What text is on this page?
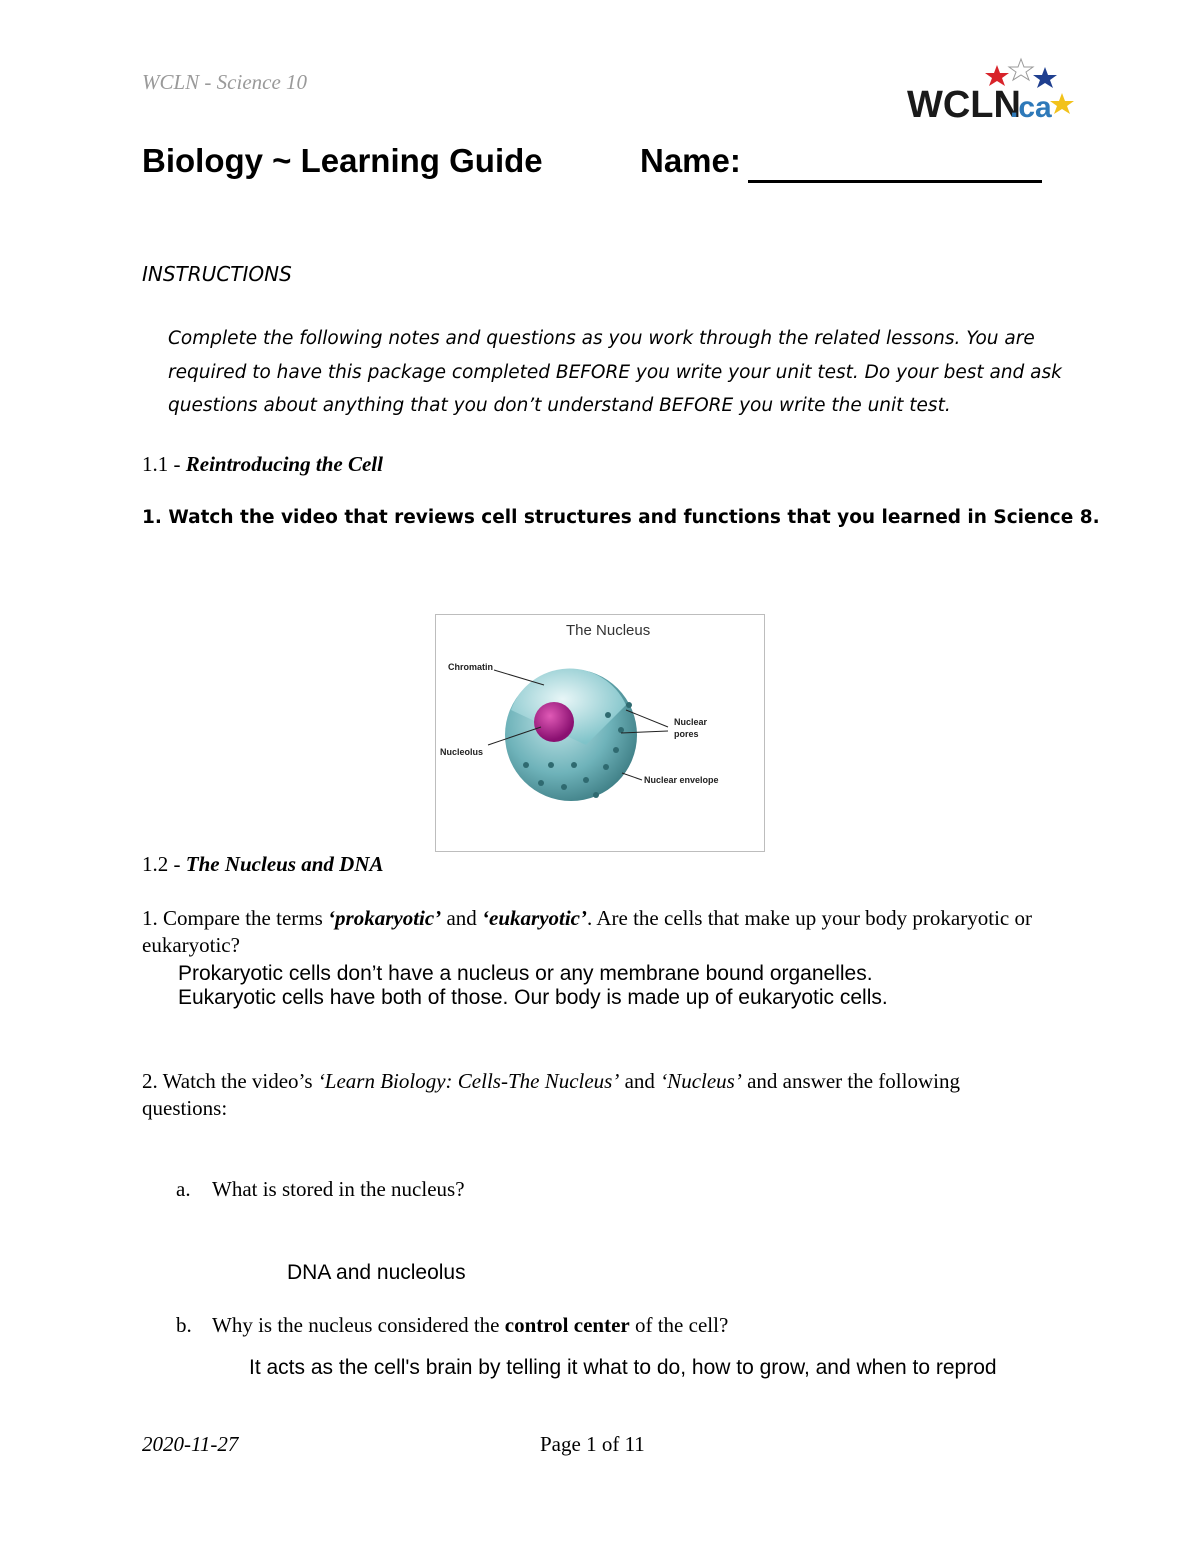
WCLN - Science 10
WCLN
.ca
Biology ~ Learning Guide	Name:
INSTRUCTIONS
Complete the following notes and questions as you work through the related lessons. You are required to have this package completed BEFORE you write your unit test. Do your best and ask questions about anything that you don’t understand BEFORE you write the unit test.
1.1 - Reintroducing the Cell
1. Watch the video that reviews cell structures and functions that you learned in Science 8.
The Nucleus
Chromatin
Nucleolus
Nuclear
pores
Nuclear envelope
1.2 - The Nucleus and DNA
1. Compare the terms ‘prokaryotic’ and ‘eukaryotic’. Are the cells that make up your body prokaryotic or eukaryotic?
Prokaryotic cells don’t have a nucleus or any membrane bound organelles.
Eukaryotic cells have both of those. Our body is made up of eukaryotic cells.
2. Watch the video’s ‘Learn Biology: Cells-The Nucleus’ and ‘Nucleus’ and answer the following questions:
a. What is stored in the nucleus?
DNA and nucleolus
b. Why is the nucleus considered the control center of the cell?
It acts as the cell's brain by telling it what to do, how to grow, and when to reprod
2020-11-27	Page 1 of 11
